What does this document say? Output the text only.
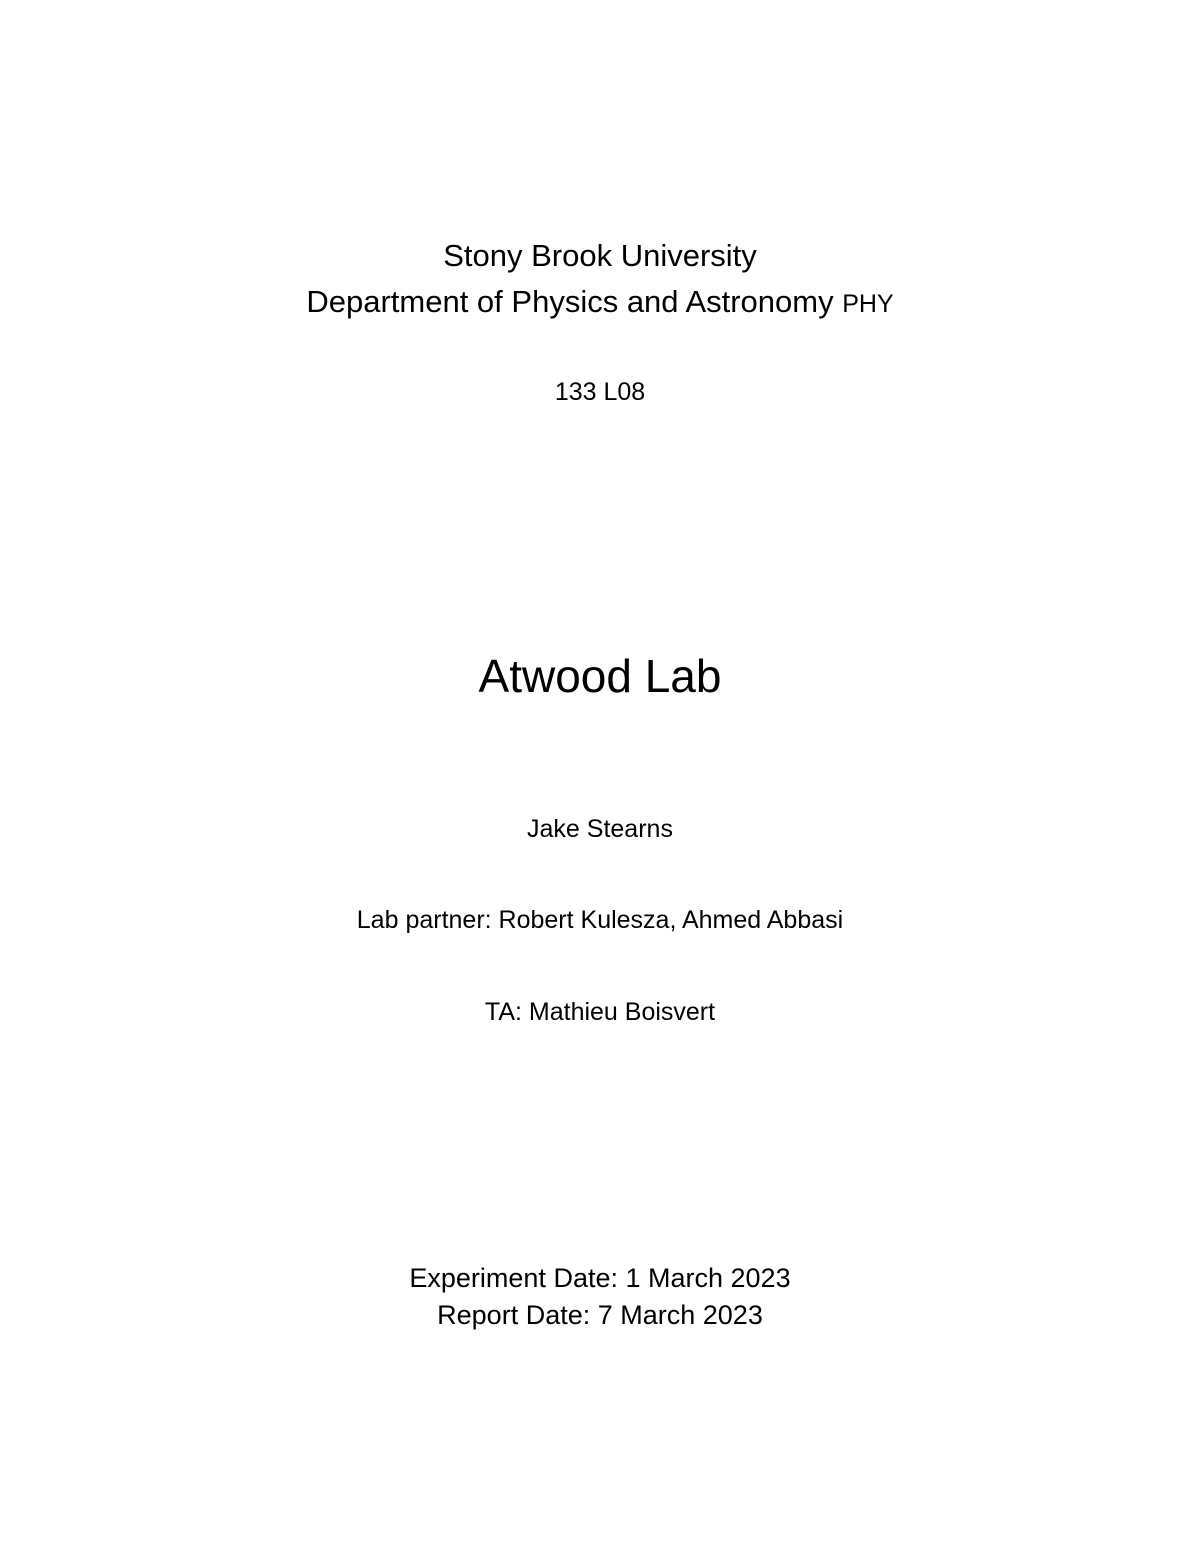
Stony Brook University
Department of Physics and Astronomy PHY
133 L08
Atwood Lab
Jake Stearns
Lab partner: Robert Kulesza, Ahmed Abbasi
TA: Mathieu Boisvert
Experiment Date: 1 March 2023
Report Date: 7 March 2023
